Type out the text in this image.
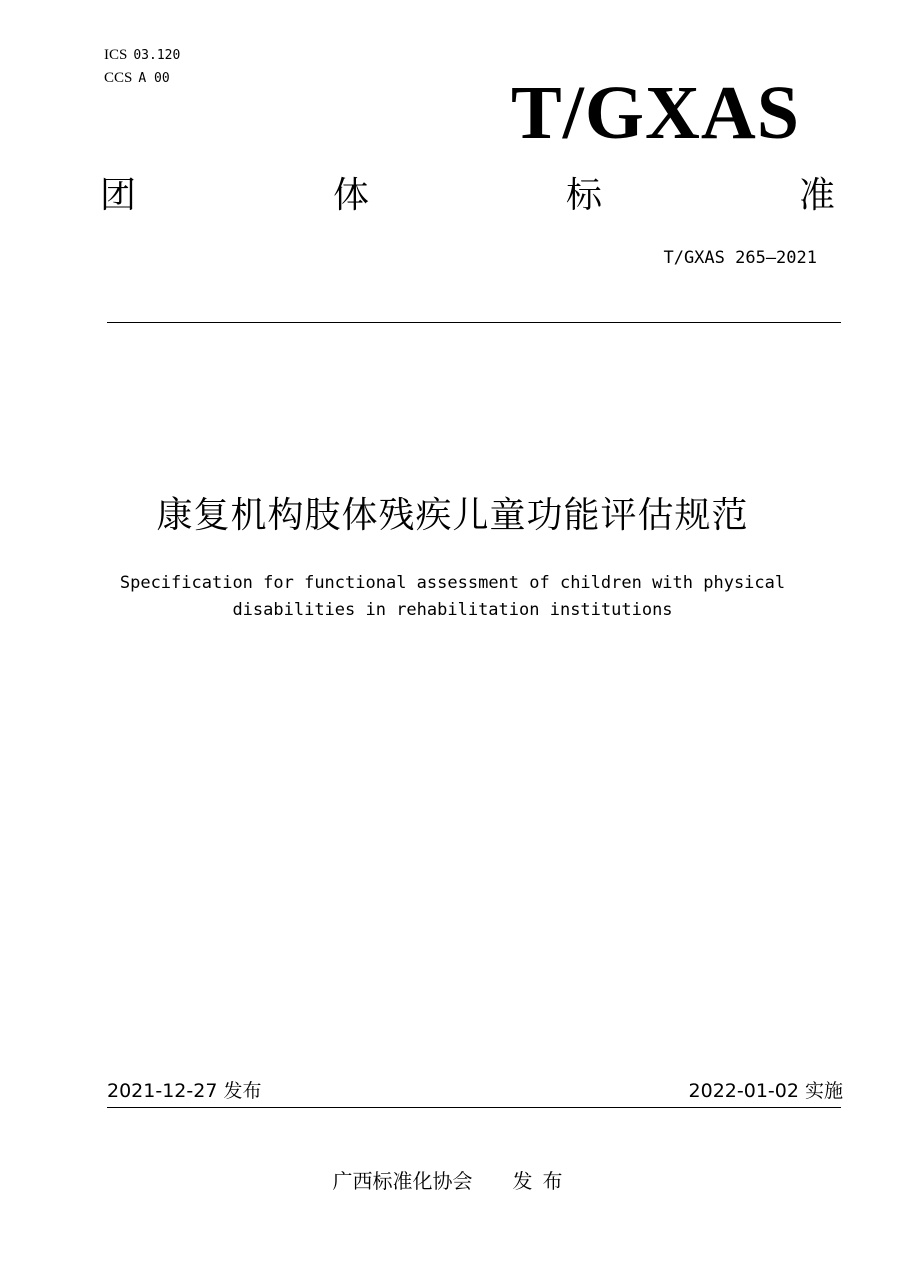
ICS 03.120
CCS A 00	T/GXAS
团	体	标	准
T/GXAS 265—2021
康复机构肢体残疾儿童功能评估规范
Specification for functional assessment of children with physical
disabilities in rehabilitation institutions
2021-12-27 发布	2022-01-02 实施
广西标准化协会 发布
